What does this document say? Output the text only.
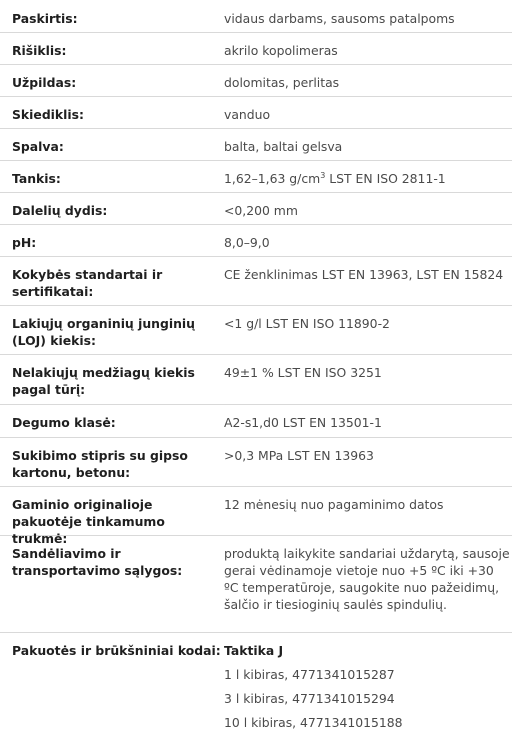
Paskirtis:	vidaus darbams, sausoms patalpoms
Rišiklis:	akrilo kopolimeras
Užpildas:	dolomitas, perlitas
Skiediklis:	vanduo
Spalva:	balta, baltai gelsva
Tankis:	1,62–1,63 $g/cm^3$ LST EN ISO 2811-1
Dalelių dydis:	<0,200 mm
pH:	8,0–9,0
Kokybės standartai ir sertifikatai:
CE ženklinimas LST EN 13963, LST EN 15824
Lakiųjų organinių junginių (LOJ) kiekis:
<1 g/l LST EN ISO 11890-2
Nelakiųjų medžiagų kiekis pagal tūrį:
49±1 % LST EN ISO 3251
Degumo klasė:	A2-s1,d0 LST EN 13501-1
Sukibimo stipris su gipso kartonu, betonu:
>0,3 MPa LST EN 13963
Gaminio originalioje pakuotėje tinkamumo trukmė:
12 mėnesių nuo pagaminimo datos
Sandėliavimo ir transportavimo sąlygos:
produktą laikykite sandariai uždarytą, sausoje gerai vėdinamoje vietoje nuo +5 ºC iki +30 ºC temperatūroje, saugokite nuo pažeidimų, šalčio ir tiesioginių saulės spindulių.
Pakuotės ir brūkšniniai kodai: Taktika J
1 l kibiras, 4771341015287
3 l kibiras, 4771341015294
10 l kibiras, 4771341015188
